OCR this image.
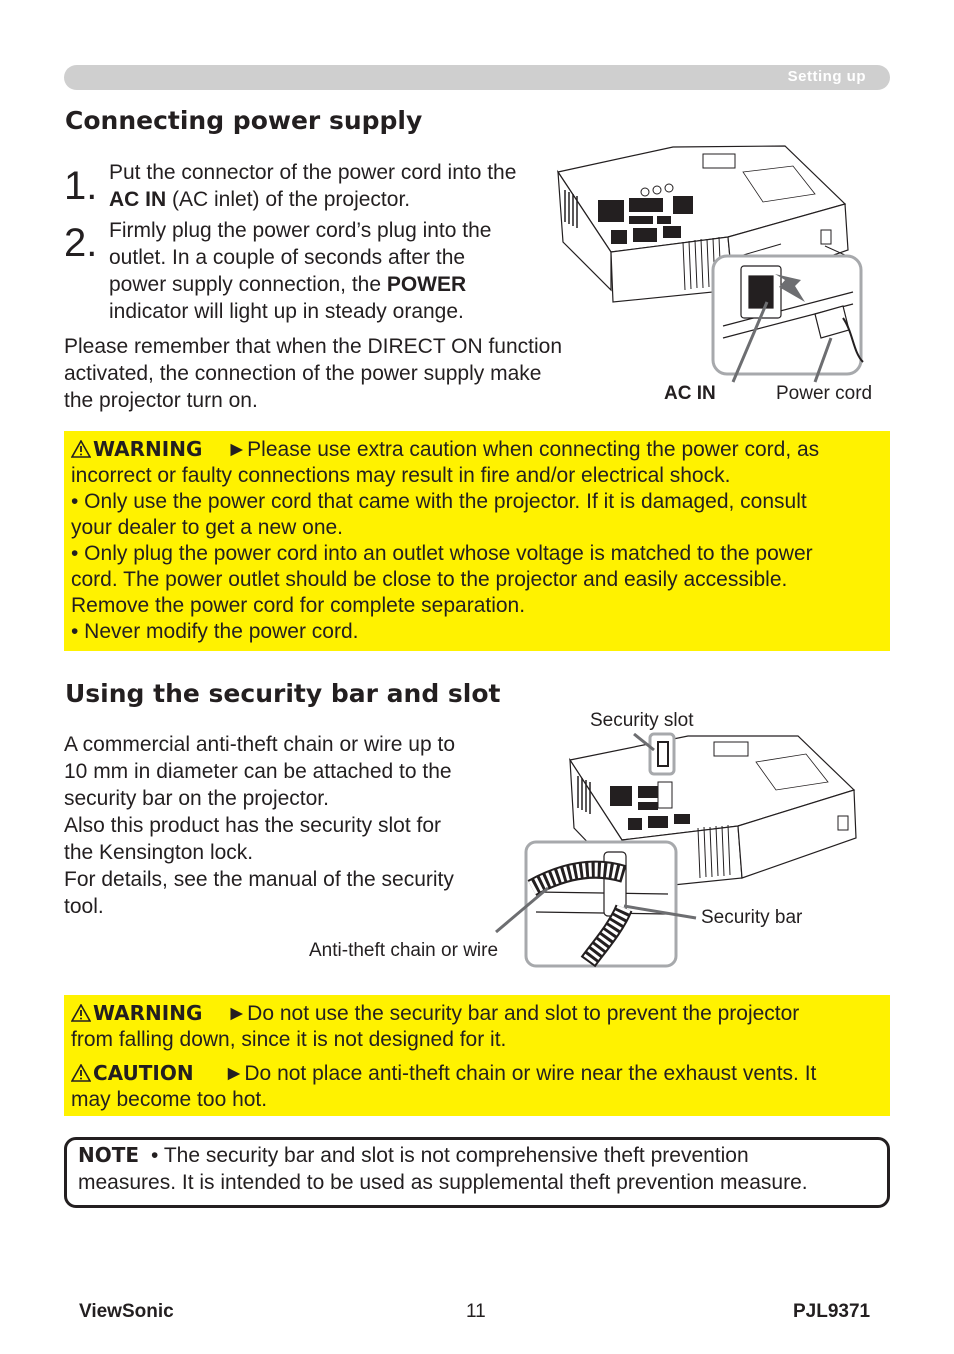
Setting up
Connecting power supply
1. Put the connector of the power cord into the
AC IN (AC inlet) of the projector.
2. Firmly plug the power cord’s plug into the
outlet. In a couple of seconds after the
power supply connection, the POWER
indicator will light up in steady orange.
Please remember that when the DIRECT ON function
activated, the connection of the power supply make
the projector turn on.	AC IN	Power cord
WARNING ►Please use extra caution when connecting the power cord, as
incorrect or faulty connections may result in fire and/or electrical shock.
• Only use the power cord that came with the projector. If it is damaged, consult
your dealer to get a new one.
• Only plug the power cord into an outlet whose voltage is matched to the power
cord. The power outlet should be close to the projector and easily accessible.
Remove the power cord for complete separation.
• Never modify the power cord.
Using the security bar and slot
A commercial anti-theft chain or wire up to
10 mm in diameter can be attached to the
security bar on the projector.
Also this product has the security slot for
the Kensington lock.
For details, see the manual of the security
tool.
Security slot
Security bar
Anti-theft chain or wire
WARNING ►Do not use the security bar and slot to prevent the projector
from falling down, since it is not designed for it.
CAUTION ►Do not place anti-theft chain or wire near the exhaust vents. It
may become too hot.
NOTE • The security bar and slot is not comprehensive theft prevention
measures. It is intended to be used as supplemental theft prevention measure.
ViewSonic	11	PJL9371
